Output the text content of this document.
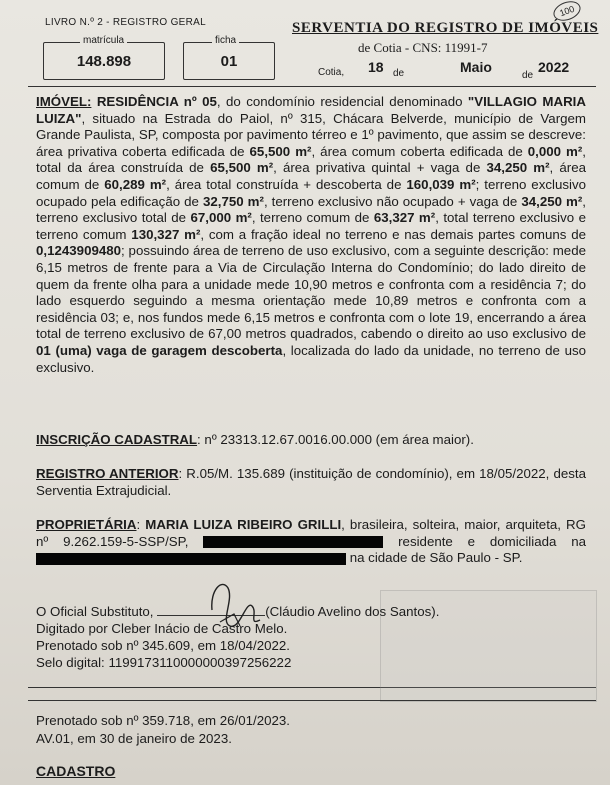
LIVRO N.º 2 - REGISTRO GERAL
matrícula
148.898
ficha
01
SERVENTIA DO REGISTRO DE IMÓVEIS
de Cotia - CNS: 11991-7
100
Cotia, 18 de	Maio
de
2022

IMÓVEL: RESIDÊNCIA nº 05, do condomínio residencial denominado "VILLAGIO MARIA LUIZA", situado na Estrada do Paiol, nº 315, Chácara Belverde, município de Vargem Grande Paulista, SP, composta por pavimento térreo e 1º pavimento, que assim se descreve: área privativa coberta edificada de 65,500 m², área comum coberta edificada de 0,000 m², total da área construída de 65,500 m², área privativa quintal + vaga de 34,250 m², área comum de 60,289 m², área total construída + descoberta de 160,039 m²; terreno exclusivo ocupado pela edificação de 32,750 m², terreno exclusivo não ocupado + vaga de 34,250 m², terreno exclusivo total de 67,000 m², terreno comum de 63,327 m², total terreno exclusivo e terreno comum 130,327 m², com a fração ideal no terreno e nas demais partes comuns de 0,1243909480; possuindo área de terreno de uso exclusivo, com a seguinte descrição: mede 6,15 metros de frente para a Via de Circulação Interna do Condomínio; do lado direito de quem da frente olha para a unidade mede 10,90 metros e confronta com a residência 7; do lado esquerdo seguindo a mesma orientação mede 10,89 metros e confronta com a residência 03; e, nos fundos mede 6,15 metros e confronta com o lote 19, encerrando a área total de terreno exclusivo de 67,00 metros quadrados, cabendo o direito ao uso exclusivo de 01 (uma) vaga de garagem descoberta, localizada do lado da unidade, no terreno de uso exclusivo.

INSCRIÇÃO CADASTRAL: nº 23313.12.67.0016.00.000 (em área maior).

REGISTRO ANTERIOR: R.05/M. 135.689 (instituição de condomínio), em 18/05/2022, desta Serventia Extrajudicial.

PROPRIETÁRIA: MARIA LUIZA RIBEIRO GRILLI, brasileira, solteira, maior, arquiteta, RG nº 9.262.159-5-SSP/SP,	residente e domiciliada na  na cidade de São Paulo - SP.

O Oficial Substituto,	(Cláudio Avelino dos Santos).
Digitado por Cleber Inácio de Castro Melo.
Prenotado sob nº 345.609, em 18/04/2022.
Selo digital: 1199173110000000397256222
Prenotado sob nº 359.718, em 26/01/2023.
AV.01, em 30 de janeiro de 2023.
CADASTRO
